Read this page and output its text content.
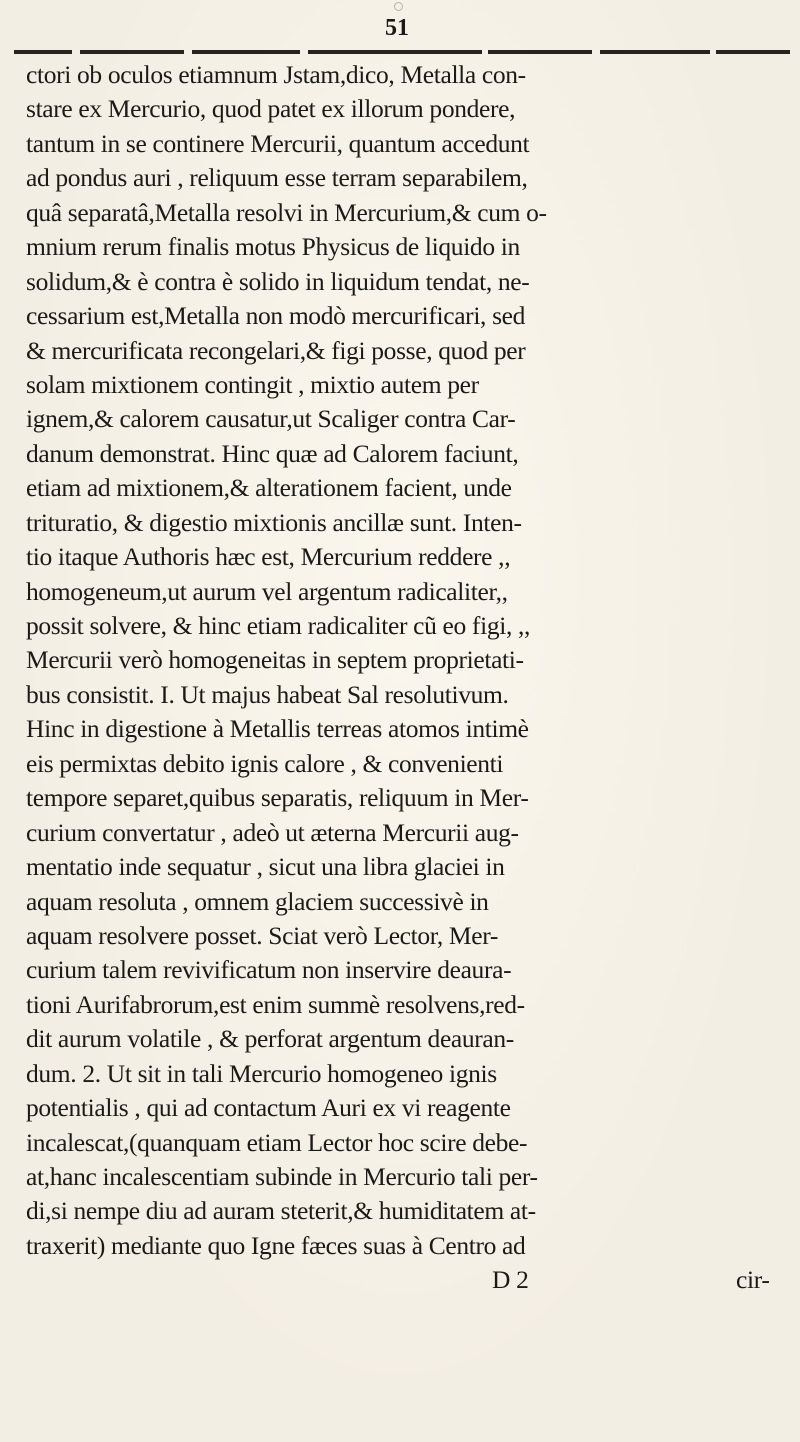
51
ctori ob oculos etiamnum Jstam,dico, Metalla con-
stare ex Mercurio, quod patet ex illorum pondere,
tantum in se continere Mercurii, quantum accedunt
ad pondus auri , reliquum esse terram separabilem,
quâ separatâ,Metalla resolvi in Mercurium,& cum o-
mnium rerum finalis motus Physicus de liquido in
solidum,& è contra è solido in liquidum tendat, ne-
cessarium est,Metalla non modò mercurificari, sed
& mercurificata recongelari,& figi posse, quod per
solam mixtionem contingit , mixtio autem per
ignem,& calorem causatur,ut Scaliger contra Car-
danum demonstrat. Hinc quæ ad Calorem faciunt,
etiam ad mixtionem,& alterationem facient, unde
trituratio, & digestio mixtionis ancillæ sunt. Inten-
tio itaque Authoris hæc est, Mercurium reddere ,,
homogeneum,ut aurum vel argentum radicaliter,,
possit solvere, & hinc etiam radicaliter cũ eo figi, ,,
Mercurii verò homogeneitas in septem proprietati-
bus consistit. I. Ut majus habeat Sal resolutivum.
Hinc in digestione à Metallis terreas atomos intimè
eis permixtas debito ignis calore , & convenienti
tempore separet,quibus separatis, reliquum in Mer-
curium convertatur , adeò ut æterna Mercurii aug-
mentatio inde sequatur , sicut una libra glaciei in
aquam resoluta , omnem glaciem successivè in
aquam resolvere posset. Sciat verò Lector, Mer-
curium talem revivificatum non inservire deaura-
tioni Aurifabrorum,est enim summè resolvens,red-
dit aurum volatile , & perforat argentum deauran-
dum. 2. Ut sit in tali Mercurio homogeneo ignis
potentialis , qui ad contactum Auri ex vi reagente
incalescat,(quanquam etiam Lector hoc scire debe-
at,hanc incalescentiam subinde in Mercurio tali per-
di,si nempe diu ad auram steterit,& humiditatem at-
traxerit) mediante quo Igne fæces suas à Centro ad
D 2	cir-
